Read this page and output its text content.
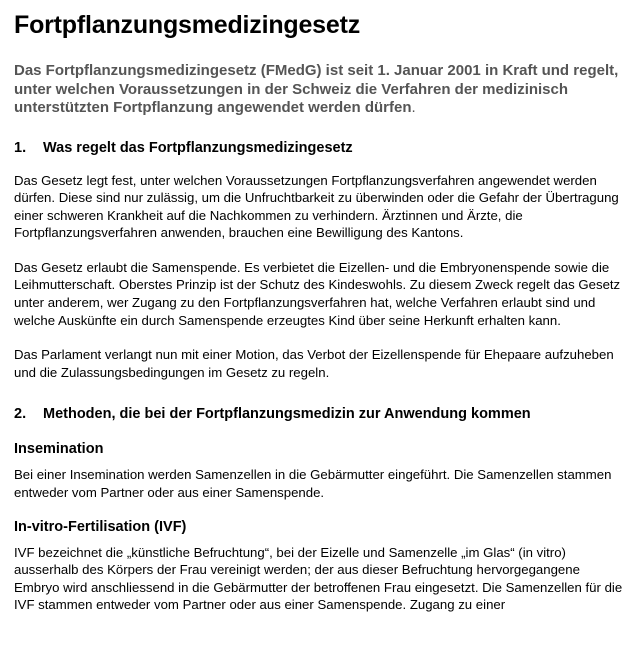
Fortpflanzungsmedizingesetz

Das Fortpflanzungsmedizingesetz (FMedG) ist seit 1. Januar 2001 in Kraft und regelt, unter welchen Voraussetzungen in der Schweiz die Verfahren der medizinisch unterstützten Fortpflanzung angewendet werden dürfen.

1.	Was regelt das Fortpflanzungsmedizingesetz

Das Gesetz legt fest, unter welchen Voraussetzungen Fortpflanzungsverfahren angewendet werden dürfen. Diese sind nur zulässig, um die Unfruchtbarkeit zu überwinden oder die Gefahr der Übertragung einer schweren Krankheit auf die Nachkommen zu verhindern. Ärztinnen und Ärzte, die Fortpflanzungsverfahren anwenden, brauchen eine Bewilligung des Kantons.

Das Gesetz erlaubt die Samenspende. Es verbietet die Eizellen- und die Embryonenspende sowie die Leihmutterschaft. Oberstes Prinzip ist der Schutz des Kindeswohls. Zu diesem Zweck regelt das Gesetz unter anderem, wer Zugang zu den Fortpflanzungsverfahren hat, welche Verfahren erlaubt sind und welche Auskünfte ein durch Samenspende erzeugtes Kind über seine Herkunft erhalten kann.

Das Parlament verlangt nun mit einer Motion, das Verbot der Eizellenspende für Ehepaare aufzuheben und die Zulassungsbedingungen im Gesetz zu regeln.

2.	Methoden, die bei der Fortpflanzungsmedizin zur Anwendung kommen
Insemination

Bei einer Insemination werden Samenzellen in die Gebärmutter eingeführt. Die Samenzellen stammen entweder vom Partner oder aus einer Samenspende.

In-vitro-Fertilisation (IVF)

IVF bezeichnet die „künstliche Befruchtung“, bei der Eizelle und Samenzelle „im Glas“ (in vitro) ausserhalb des Körpers der Frau vereinigt werden; der aus dieser Befruchtung hervorgegangene Embryo wird anschliessend in die Gebärmutter der betroffenen Frau eingesetzt. Die Samenzellen für die IVF stammen entweder vom Partner oder aus einer Samenspende. Zugang zu einer
